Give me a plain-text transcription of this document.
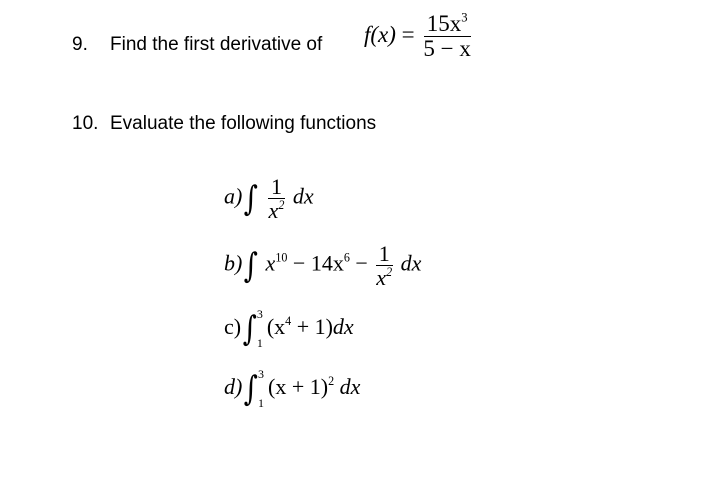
9. Find the first derivative of $f(x) = \frac{15x^3}{5 - x}$
10. Evaluate the following functions
$a)\int \frac{1}{x^2}$ dx
b)∫ $x^{10} - 14x^6 - \frac{1}{x^2}$ dx
c)∫ 3
1
$(x^4 + 1)dx$
d)∫ 3
1
$(x + 1)^2$ dx
